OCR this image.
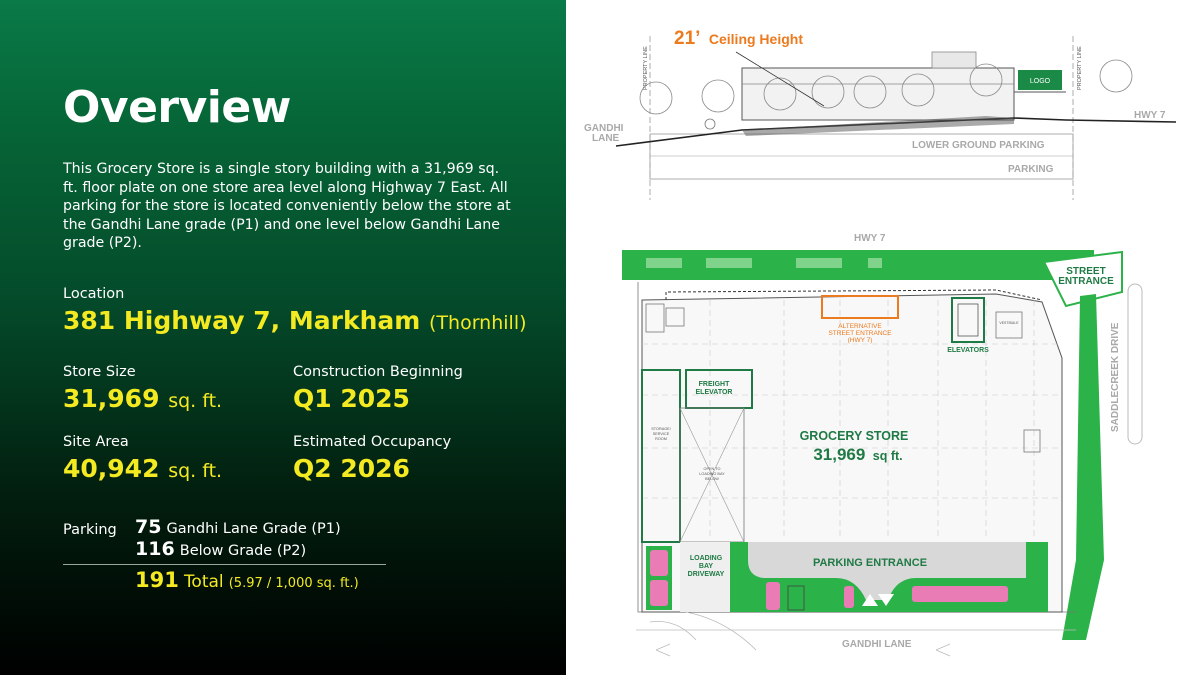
Overview
This Grocery Store is a single story building with a 31,969 sq. ft. floor plate on one store area level along Highway 7 East. All parking for the store is located conveniently below the store at the Gandhi Lane grade (P1) and one level below Gandhi Lane grade (P2).
Location
381 Highway 7, Markham (Thornhill)
Store Size
31,969 sq. ft.
Construction Beginning
Q1 2025
Site Area
40,942 sq. ft.
Estimated Occupancy
Q2 2026
Parking 75 Gandhi Lane Grade (P1)
116 Below Grade (P2)
191 Total (5.97 / 1,000 sq. ft.)
PROPERTY LINE	PROPERTY LINE
LOGO
21’ Ceiling Height
GANDHI
LANE
HWY 7
LOWER GROUND PARKING
PARKING
HWY 7
STREET
ENTRANCE
SADDLECREEK DRIVE
VESTIBULE
ALTERNATIVE
STREET ENTRANCE
(HWY 7)
ELEVATORS
FREIGHT
ELEVATOR
STORAGE/
SERVICE
ROOM
OPEN TO
LOADING BAY
BELOW
GROCERY STORE
31,969 sq ft.
PARKING ENTRANCE
LOADING
BAY
DRIVEWAY
GANDHI LANE
